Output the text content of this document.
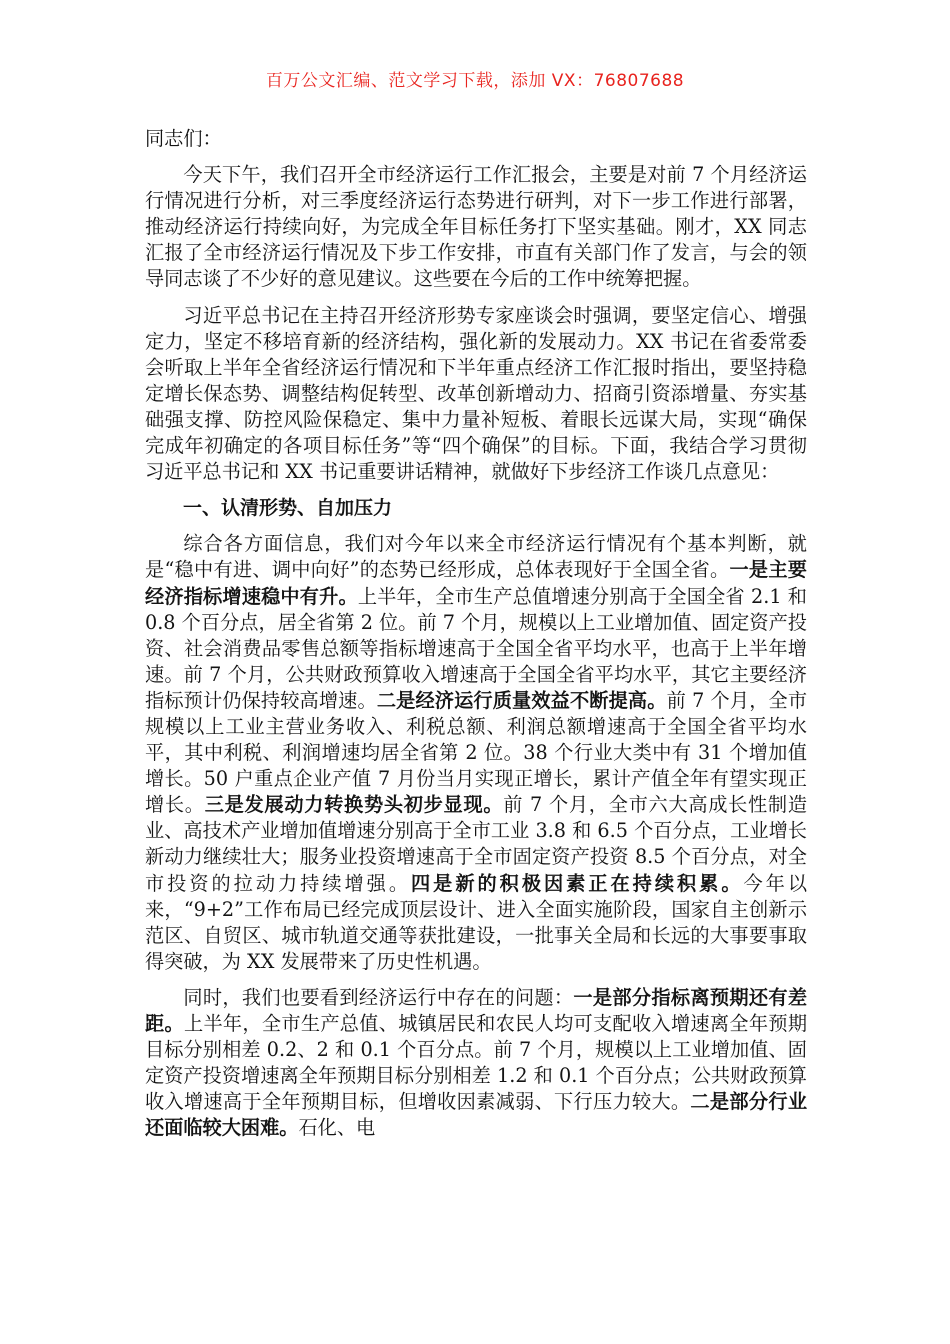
百万公文汇编、范文学习下载，添加 VX：76807688

同志们：

今天下午，我们召开全市经济运行工作汇报会，主要是对前 7 个月经济运行情况进行分析，对三季度经济运行态势进行研判，对下一步工作进行部署，推动经济运行持续向好，为完成全年目标任务打下坚实基础。刚才，XX 同志汇报了全市经济运行情况及下步工作安排，市直有关部门作了发言，与会的领导同志谈了不少好的意见建议。这些要在今后的工作中统筹把握。

习近平总书记在主持召开经济形势专家座谈会时强调，要坚定信心、增强定力，坚定不移培育新的经济结构，强化新的发展动力。XX 书记在省委常委会听取上半年全省经济运行情况和下半年重点经济工作汇报时指出，要坚持稳定增长保态势、调整结构促转型、改革创新增动力、招商引资添增量、夯实基础强支撑、防控风险保稳定、集中力量补短板、着眼长远谋大局，实现“确保完成年初确定的各项目标任务”等“四个确保”的目标。下面，我结合学习贯彻习近平总书记和 XX 书记重要讲话精神，就做好下步经济工作谈几点意见：

一、认清形势、自加压力

综合各方面信息，我们对今年以来全市经济运行情况有个基本判断，就是“稳中有进、调中向好”的态势已经形成，总体表现好于全国全省。一是主要经济指标增速稳中有升。上半年，全市生产总值增速分别高于全国全省 2.1 和 0.8 个百分点，居全省第 2 位。前 7 个月，规模以上工业增加值、固定资产投资、社会消费品零售总额等指标增速高于全国全省平均水平，也高于上半年增速。前 7 个月，公共财政预算收入增速高于全国全省平均水平，其它主要经济指标预计仍保持较高增速。二是经济运行质量效益不断提高。前 7 个月，全市规模以上工业主营业务收入、利税总额、利润总额增速高于全国全省平均水平，其中利税、利润增速均居全省第 2 位。38 个行业大类中有 31 个增加值增长。50 户重点企业产值 7 月份当月实现正增长，累计产值全年有望实现正增长。三是发展动力转换势头初步显现。前 7 个月，全市六大高成长性制造业、高技术产业增加值增速分别高于全市工业 3.8 和 6.5 个百分点，工业增长新动力继续壮大；服务业投资增速高于全市固定资产投资 8.5 个百分点，对全市投资的拉动力持续增强。四是新的积极因素正在持续积累。今年以来，“9+2”工作布局已经完成顶层设计、进入全面实施阶段，国家自主创新示范区、自贸区、城市轨道交通等获批建设，一批事关全局和长远的大事要事取得突破，为 XX 发展带来了历史性机遇。

同时，我们也要看到经济运行中存在的问题：一是部分指标离预期还有差距。上半年，全市生产总值、城镇居民和农民人均可支配收入增速离全年预期目标分别相差 0.2、2 和 0.1 个百分点。前 7 个月，规模以上工业增加值、固定资产投资增速离全年预期目标分别相差 1.2 和 0.1 个百分点；公共财政预算收入增速高于全年预期目标，但增收因素减弱、下行压力较大。二是部分行业还面临较大困难。石化、电
